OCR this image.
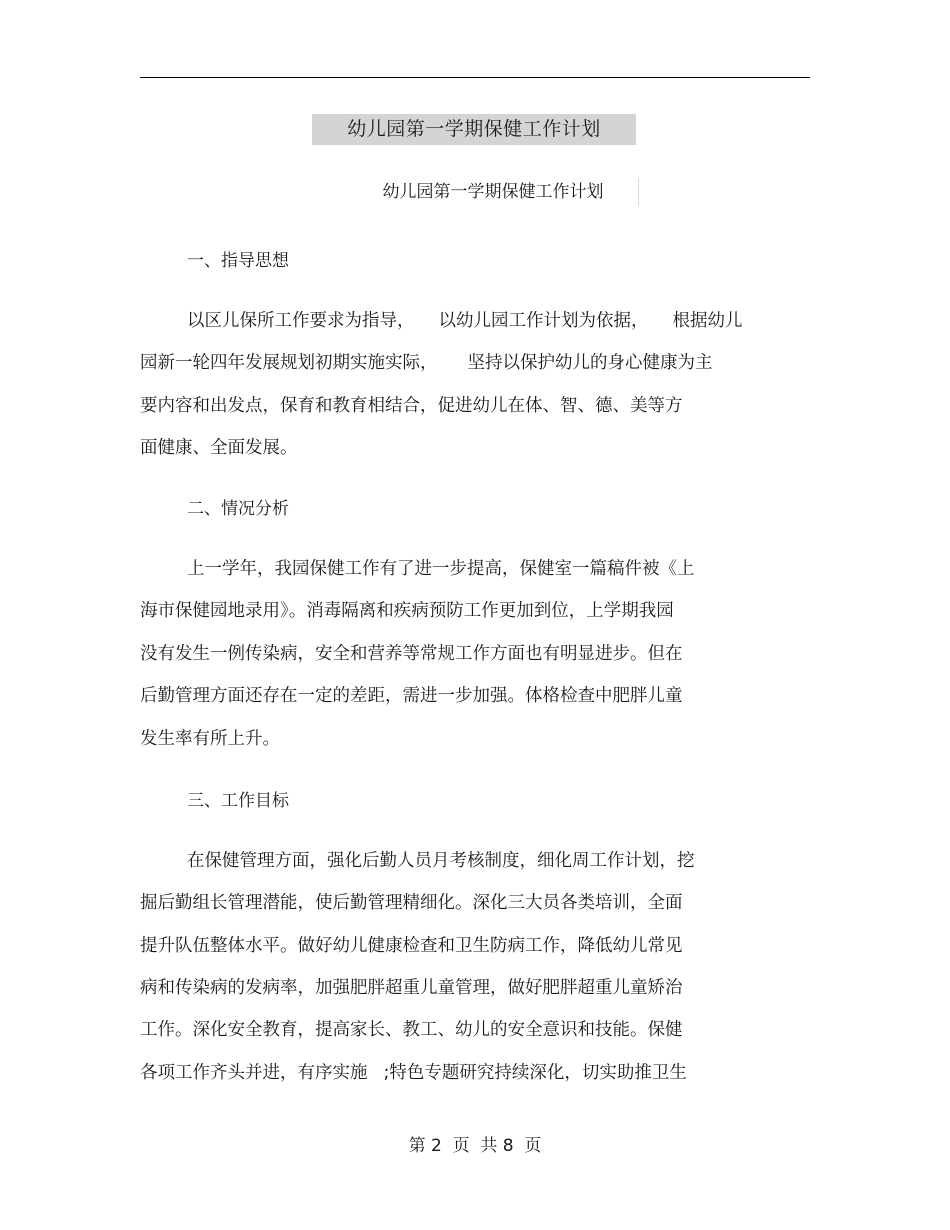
幼儿园第一学期保健工作计划
幼儿园第一学期保健工作计划
一、指导思想
以区儿保所工作要求为指导， 以幼儿园工作计划为依据， 根据幼儿
园新一轮四年发展规划初期实施实际， 坚持以保护幼儿的身心健康为主
要内容和出发点，保育和教育相结合，促进幼儿在体、智、德、美等方
面健康、全面发展。
二、情况分析
上一学年，我园保健工作有了进一步提高，保健室一篇稿件被《上
海市保健园地录用》。消毒隔离和疾病预防工作更加到位，上学期我园
没有发生一例传染病，安全和营养等常规工作方面也有明显进步。但在
后勤管理方面还存在一定的差距，需进一步加强。体格检查中肥胖儿童
发生率有所上升。
三、工作目标
在保健管理方面，强化后勤人员月考核制度，细化周工作计划，挖
掘后勤组长管理潜能，使后勤管理精细化。深化三大员各类培训，全面
提升队伍整体水平。做好幼儿健康检查和卫生防病工作，降低幼儿常见
病和传染病的发病率，加强肥胖超重儿童管理，做好肥胖超重儿童矫治
工作。深化安全教育，提高家长、教工、幼儿的安全意识和技能。保健
各项工作齐头并进，有序实施 ;特色专题研究持续深化，切实助推卫生
第 2  页  共 8  页
